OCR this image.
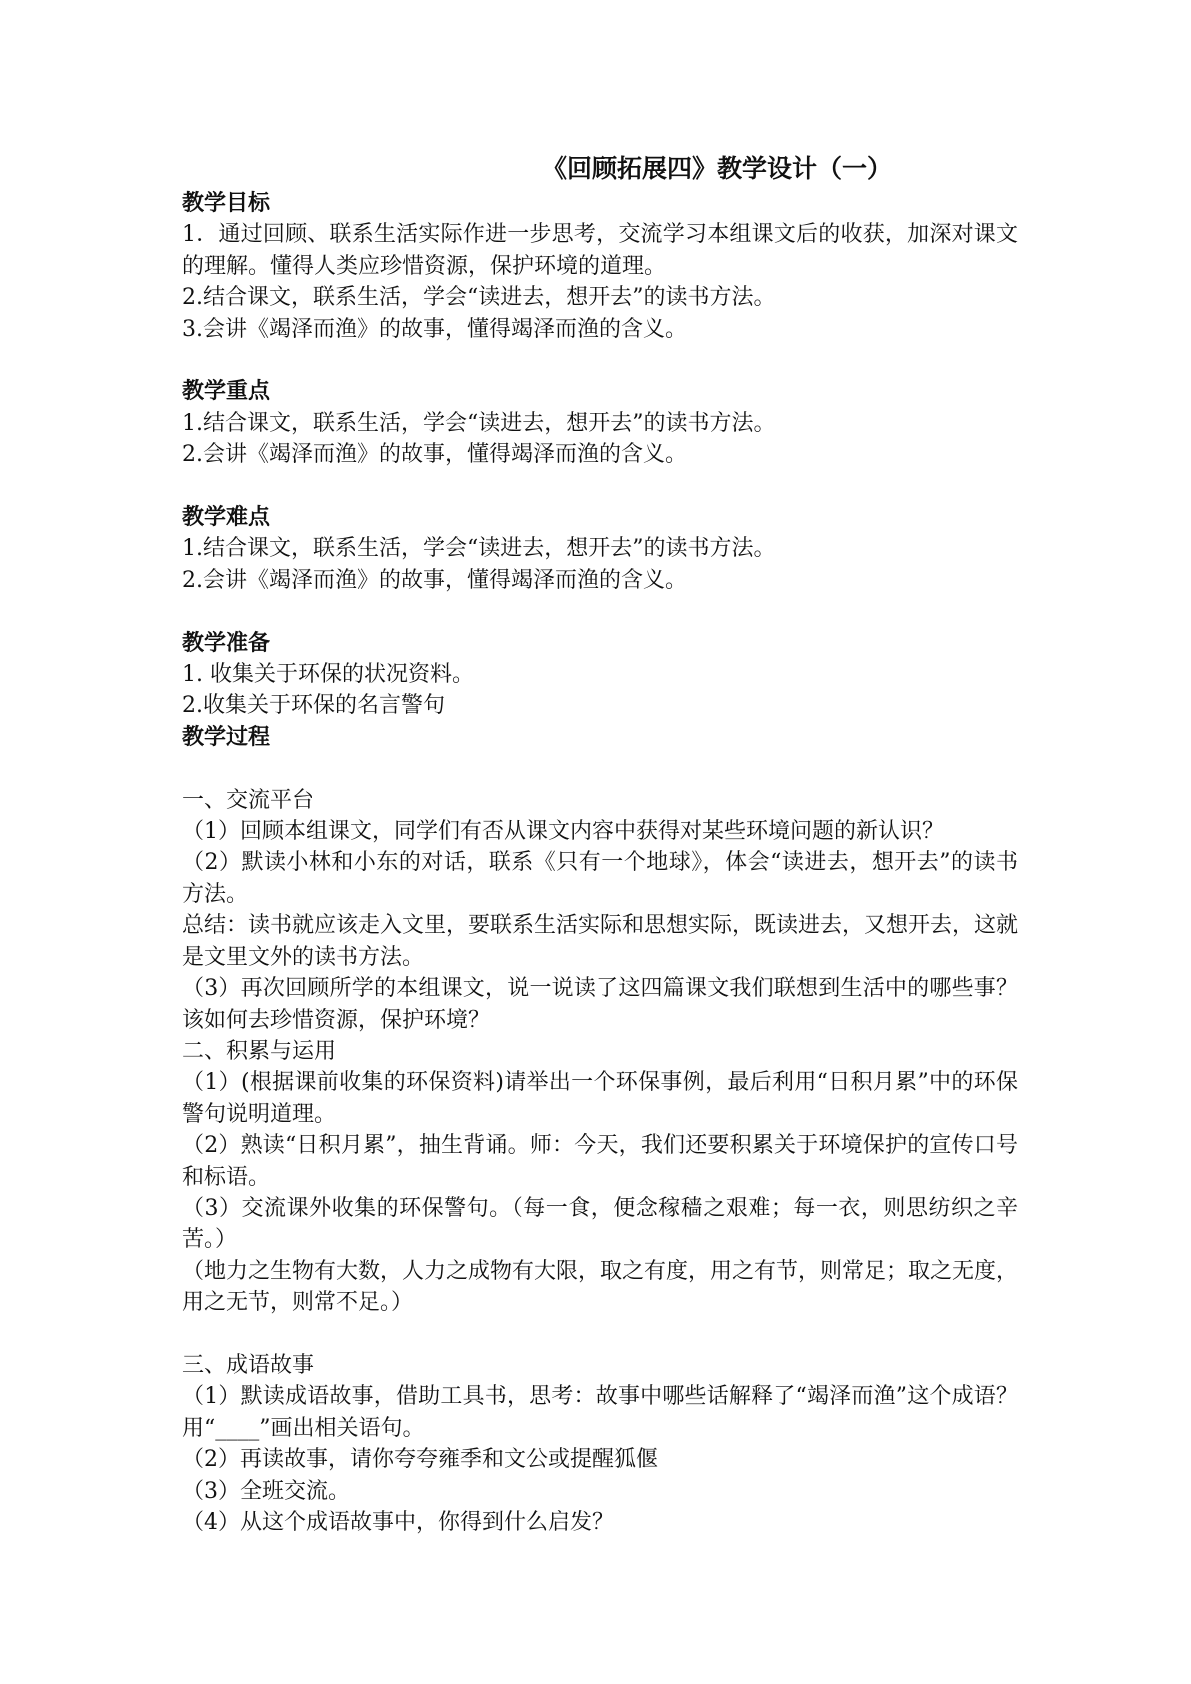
《回顾拓展四》教学设计（一）
教学目标

1．通过回顾、联系生活实际作进一步思考，交流学习本组课文后的收获，加深对课文的理解。懂得人类应珍惜资源，保护环境的道理。

2.结合课文，联系生活，学会“读进去，想开去”的读书方法。

3.会讲《竭泽而渔》的故事，懂得竭泽而渔的含义。

教学重点

1.结合课文，联系生活，学会“读进去，想开去”的读书方法。

2.会讲《竭泽而渔》的故事，懂得竭泽而渔的含义。

教学难点

1.结合课文，联系生活，学会“读进去，想开去”的读书方法。

2.会讲《竭泽而渔》的故事，懂得竭泽而渔的含义。

教学准备

1. 收集关于环保的状况资料。

2.收集关于环保的名言警句

教学过程

一、交流平台

（1）回顾本组课文，同学们有否从课文内容中获得对某些环境问题的新认识？

（2）默读小林和小东的对话，联系《只有一个地球》，体会“读进去，想开去”的读书方法。

总结：读书就应该走入文里，要联系生活实际和思想实际，既读进去，又想开去，这就是文里文外的读书方法。

（3）再次回顾所学的本组课文，说一说读了这四篇课文我们联想到生活中的哪些事？该如何去珍惜资源，保护环境？

二、积累与运用

（1）(根据课前收集的环保资料)请举出一个环保事例，最后利用“日积月累”中的环保警句说明道理。

（2）熟读“日积月累”，抽生背诵。师：今天，我们还要积累关于环境保护的宣传口号和标语。

（3）交流课外收集的环保警句。（每一食，便念稼穑之艰难；每一衣，则思纺织之辛苦。）

（地力之生物有大数，人力之成物有大限，取之有度，用之有节，则常足；取之无度，用之无节，则常不足。）

三、成语故事

（1）默读成语故事，借助工具书，思考：故事中哪些话解释了“竭泽而渔”这个成语？用“____”画出相关语句。

（2）再读故事，请你夸夸雍季和文公或提醒狐偃

（3）全班交流。

（4）从这个成语故事中，你得到什么启发？
